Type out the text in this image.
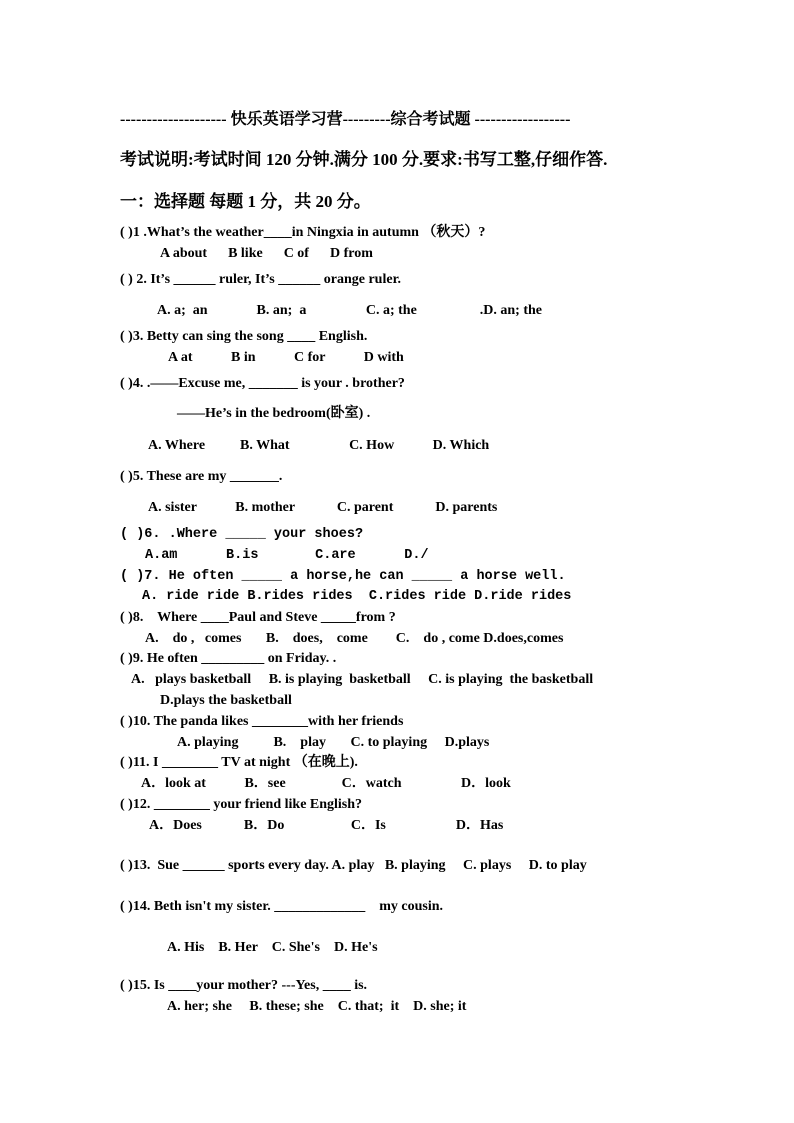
-------------------- 快乐英语学习营---------综合考试题 ------------------
考试说明:考试时间 120 分钟.满分 100 分.要求:书写工整,仔细作答.
一：选择题 每题 1 分，共 20 分。
( )1 .What’s the weather____in Ningxia in autumn （秋天）?
A about      B like      C of      D from
( ) 2. It’s ______ ruler, It’s ______ orange ruler.
A. a;  an              B. an;  a                 C. a; the                  .D. an; the
( )3. Betty can sing the song ____ English.
A at           B in           C for           D with
( )4. .——Excuse me, _______ is your . brother?
——He’s in the bedroom(卧室) .
A. Where          B. What                 C. How           D. Which
( )5. These are my _______.
A. sister           B. mother            C. parent            D. parents
( )6. .Where _____ your shoes?
A.am      B.is       C.are      D./
( )7. He often _____ a horse,he can _____ a horse well.
A. ride ride B.rides rides  C.rides ride D.ride rides
( )8.    Where ____Paul and Steve _____from ?
A.    do ,   comes       B.    does,    come        C.    do , come D.does,comes
( )9. He often _________ on Friday. .
A.   plays basketball     B. is playing  basketball     C. is playing  the basketball
D.plays the basketball
( )10. The panda likes ________with her friends
A. playing          B.    play       C. to playing     D.plays
( )11. I ________ TV at night （在晚上).
A．look at           B．see                C．watch                 D．look
( )12. ________ your friend like English?
A．Does            B．Do                   C．Is                    D．Has
( )13.  Sue ______ sports every day. A. play   B. playing     C. plays     D. to play
( )14. Beth isn't my sister. _____________    my cousin.
A. His    B. Her    C. She's    D. He's
( )15. Is ____your mother? ---Yes, ____ is.
A. her; she     B. these; she    C. that;  it    D. she; it
